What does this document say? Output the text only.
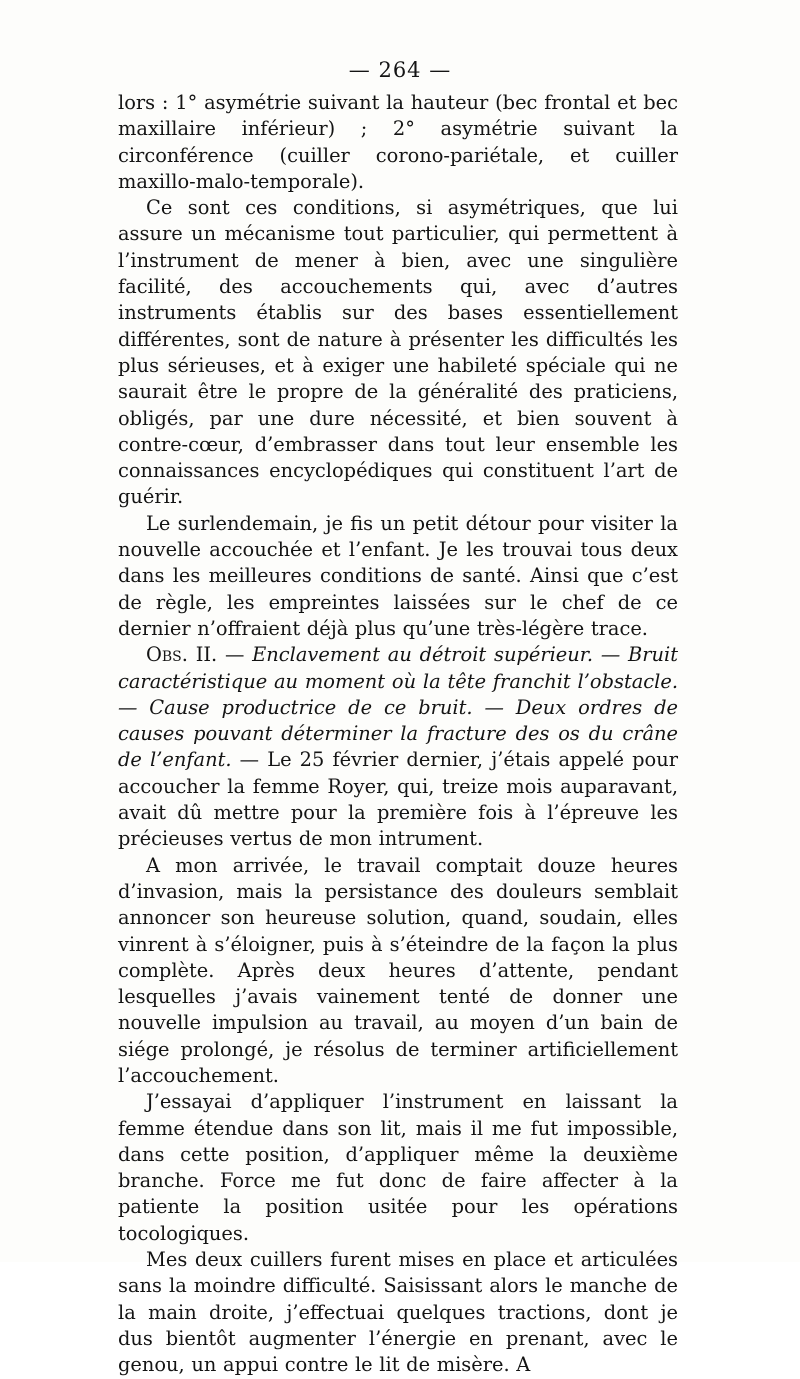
— 264 —

lors : 1° asymétrie suivant la hauteur (bec frontal et bec maxillaire inférieur) ; 2° asymétrie suivant la circonférence (cuiller corono-pariétale, et cuiller maxillo-malo-temporale).

Ce sont ces conditions, si asymétriques, que lui assure un mécanisme tout particulier, qui permettent à l’instrument de mener à bien, avec une singulière facilité, des accouchements qui, avec d’autres instruments établis sur des bases essentiellement différentes, sont de nature à présenter les difficultés les plus sérieuses, et à exiger une habileté spéciale qui ne saurait être le propre de la généralité des praticiens, obligés, par une dure nécessité, et bien souvent à contre-cœur, d’embrasser dans tout leur ensemble les connaissances encyclopédiques qui constituent l’art de guérir.

Le surlendemain, je fis un petit détour pour visiter la nouvelle accouchée et l’enfant. Je les trouvai tous deux dans les meilleures conditions de santé. Ainsi que c’est de règle, les empreintes laissées sur le chef de ce dernier n’offraient déjà plus qu’une très-légère trace.

Obs. II. — Enclavement au détroit supérieur. — Bruit caractéristique au moment où la tête franchit l’obstacle. — Cause productrice de ce bruit. — Deux ordres de causes pouvant déterminer la fracture des os du crâne de l’enfant. — Le 25 février dernier, j’étais appelé pour accoucher la femme Royer, qui, treize mois auparavant, avait dû mettre pour la première fois à l’épreuve les précieuses vertus de mon intrument.

A mon arrivée, le travail comptait douze heures d’invasion, mais la persistance des douleurs semblait annoncer son heureuse solution, quand, soudain, elles vinrent à s’éloigner, puis à s’éteindre de la façon la plus complète. Après deux heures d’attente, pendant lesquelles j’avais vainement tenté de donner une nouvelle impulsion au travail, au moyen d’un bain de siége prolongé, je résolus de terminer artificiellement l’accouchement.

J’essayai d’appliquer l’instrument en laissant la femme étendue dans son lit, mais il me fut impossible, dans cette position, d’appliquer même la deuxième branche. Force me fut donc de faire affecter à la patiente la position usitée pour les opérations tocologiques.

Mes deux cuillers furent mises en place et articulées sans la moindre difficulté. Saisissant alors le manche de la main droite, j’effectuai quelques tractions, dont je dus bientôt augmenter l’énergie en prenant, avec le genou, un appui contre le lit de misère. A
